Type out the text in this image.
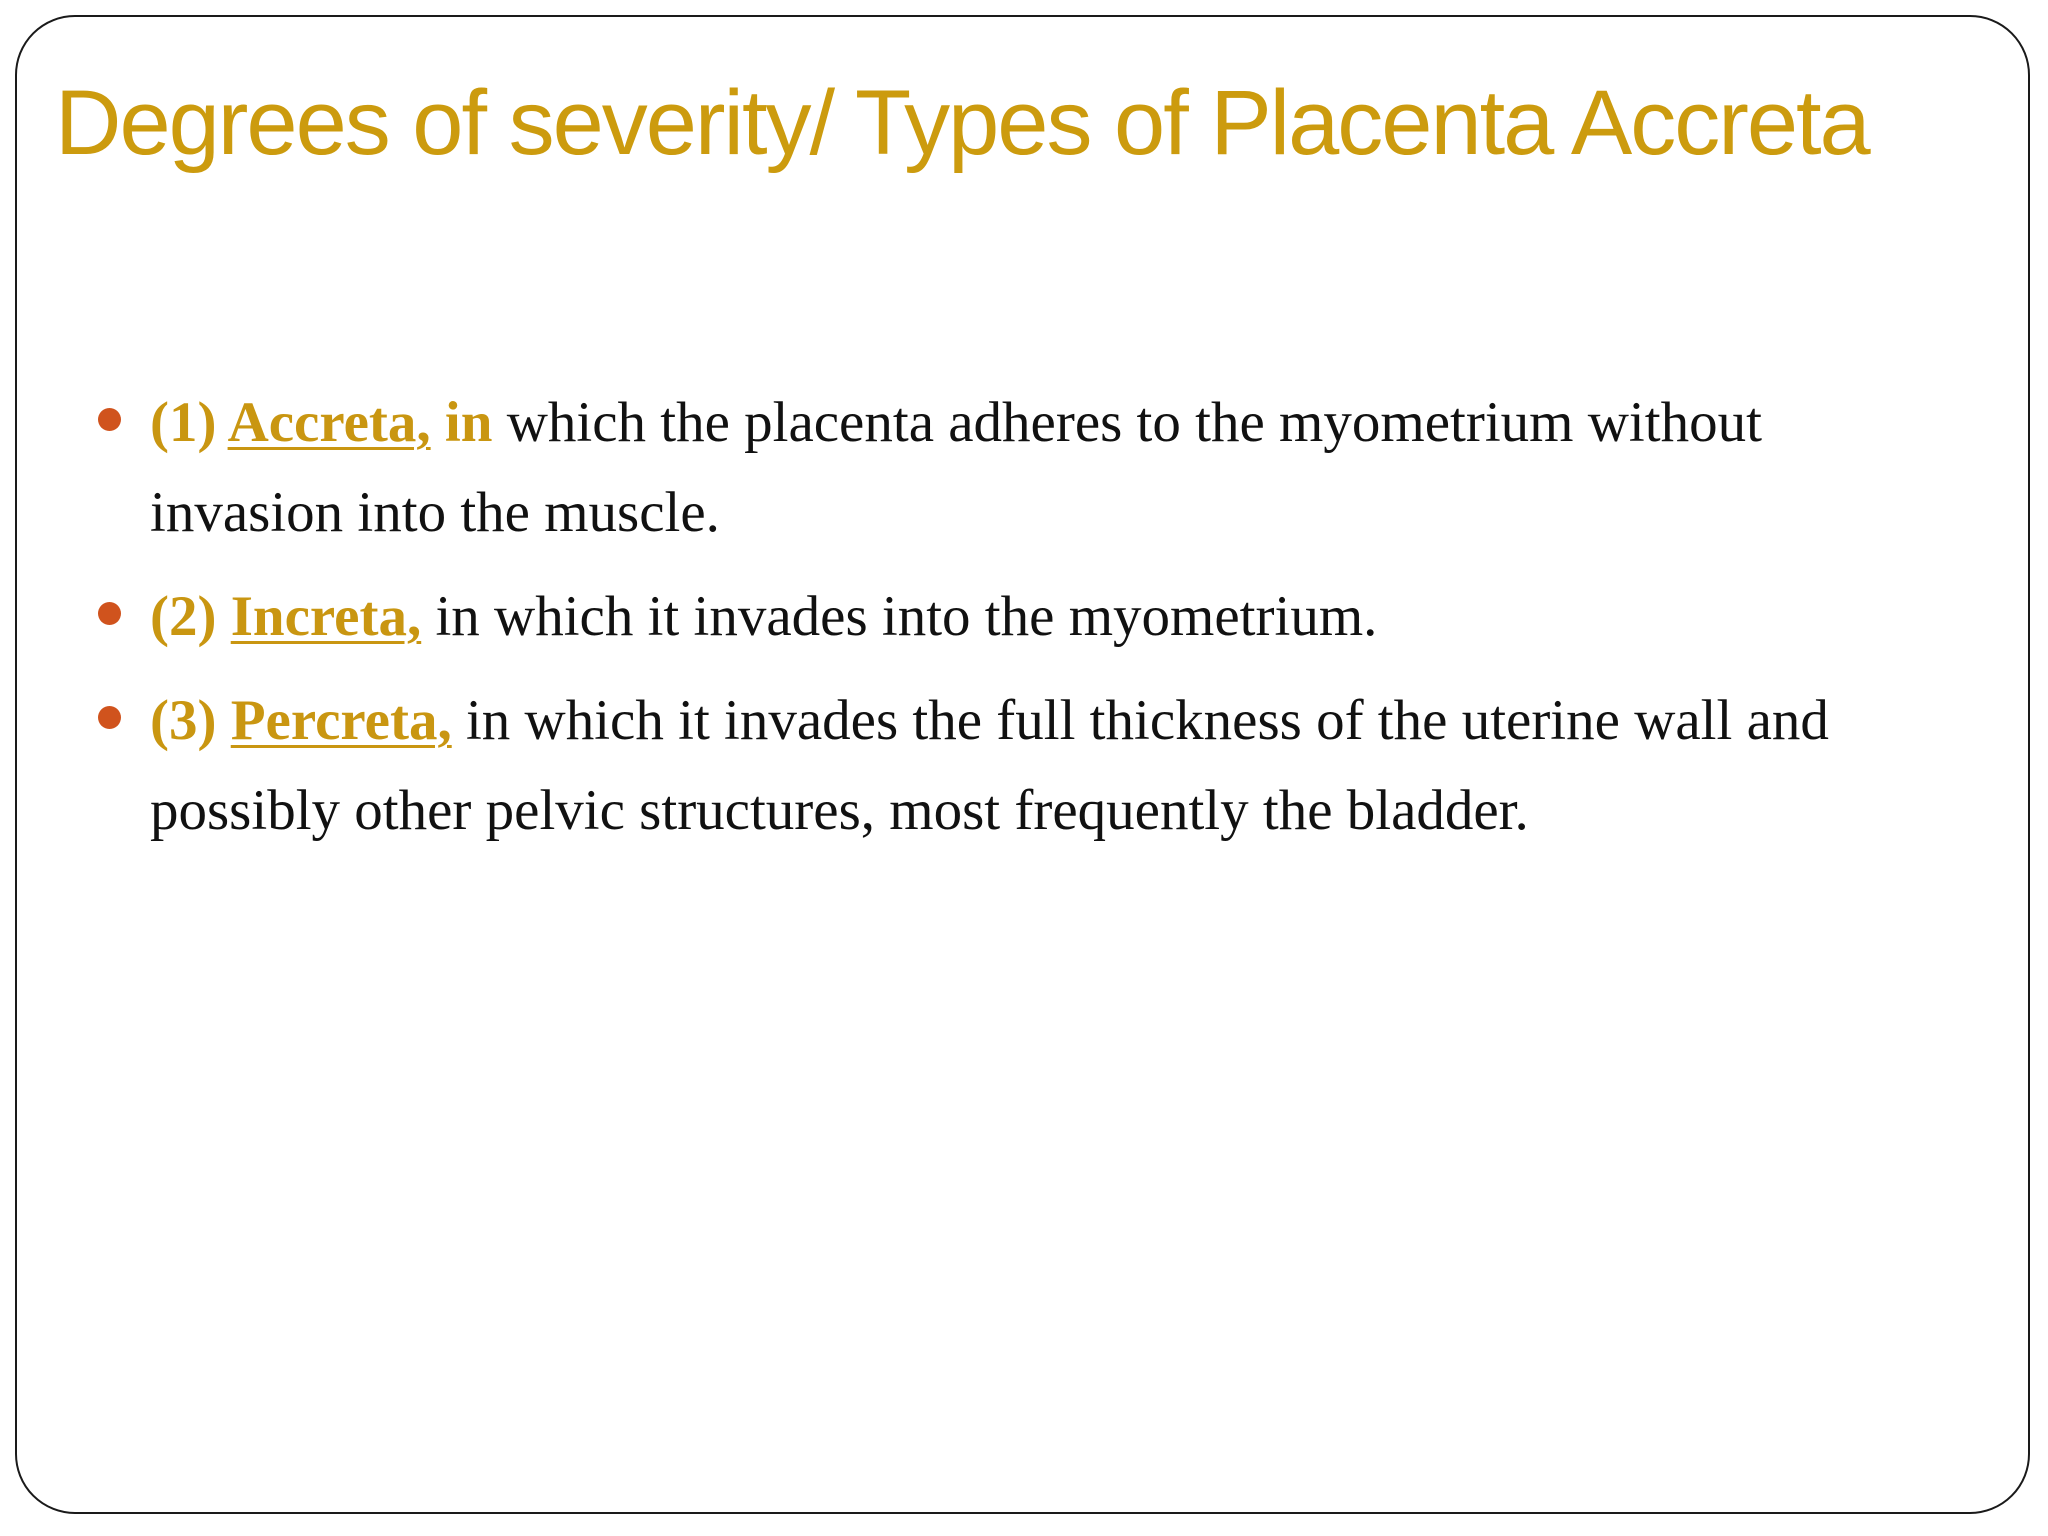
Degrees of severity/ Types of Placenta Accreta
(1) Accreta, in which the placenta adheres to the myometrium without invasion into the muscle.
(2) Increta, in which it invades into the myometrium.
(3) Percreta, in which it invades the full thickness of the uterine wall and possibly other pelvic structures, most frequently the bladder.
